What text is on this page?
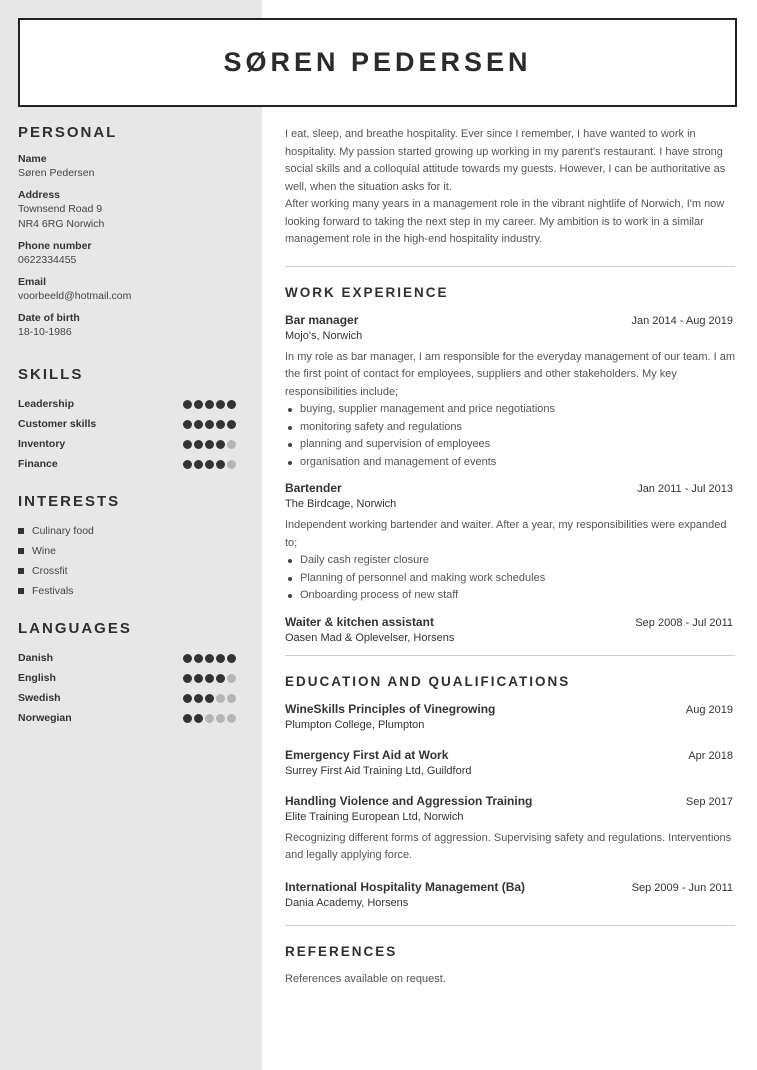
SØREN PEDERSEN
PERSONAL
Name
Søren Pedersen
Address
Townsend Road 9
NR4 6RG Norwich
Phone number
0622334455
Email
voorbeeld@hotmail.com
Date of birth
18-10-1986
SKILLS
Leadership
Customer skills
Inventory
Finance
INTERESTS
Culinary food
Wine
Crossfit
Festivals
LANGUAGES
Danish
English
Swedish
Norwegian
I eat, sleep, and breathe hospitality. Ever since I remember, I have wanted to work in hospitality. My passion started growing up working in my parent's restaurant. I have strong social skills and a colloquial attitude towards my guests. However, I can be authoritative as well, when the situation asks for it.
After working many years in a management role in the vibrant nightlife of Norwich, I'm now looking forward to taking the next step in my career. My ambition is to work in a similar management role in the high-end hospitality industry.
WORK EXPERIENCE
Bar manager	Jan 2014 - Aug 2019
Mojo's, Norwich
In my role as bar manager, I am responsible for the everyday management of our team. I am the first point of contact for employees, suppliers and other stakeholders. My key responsibilities include;
buying, supplier management and price negotiations
monitoring safety and regulations
planning and supervision of employees
organisation and management of events
Bartender	Jan 2011 - Jul 2013
The Birdcage, Norwich
Independent working bartender and waiter. After a year, my responsibilities were expanded to;
Daily cash register closure
Planning of personnel and making work schedules
Onboarding process of new staff
Waiter & kitchen assistant	Sep 2008 - Jul 2011
Oasen Mad & Oplevelser, Horsens
EDUCATION AND QUALIFICATIONS
WineSkills Principles of Vinegrowing	Aug 2019
Plumpton College, Plumpton
Emergency First Aid at Work	Apr 2018
Surrey First Aid Training Ltd, Guildford
Handling Violence and Aggression Training	Sep 2017
Elite Training European Ltd, Norwich
Recognizing different forms of aggression. Supervising safety and regulations. Interventions and legally applying force.
International Hospitality Management (Ba)	Sep 2009 - Jun 2011
Dania Academy, Horsens
REFERENCES
References available on request.
